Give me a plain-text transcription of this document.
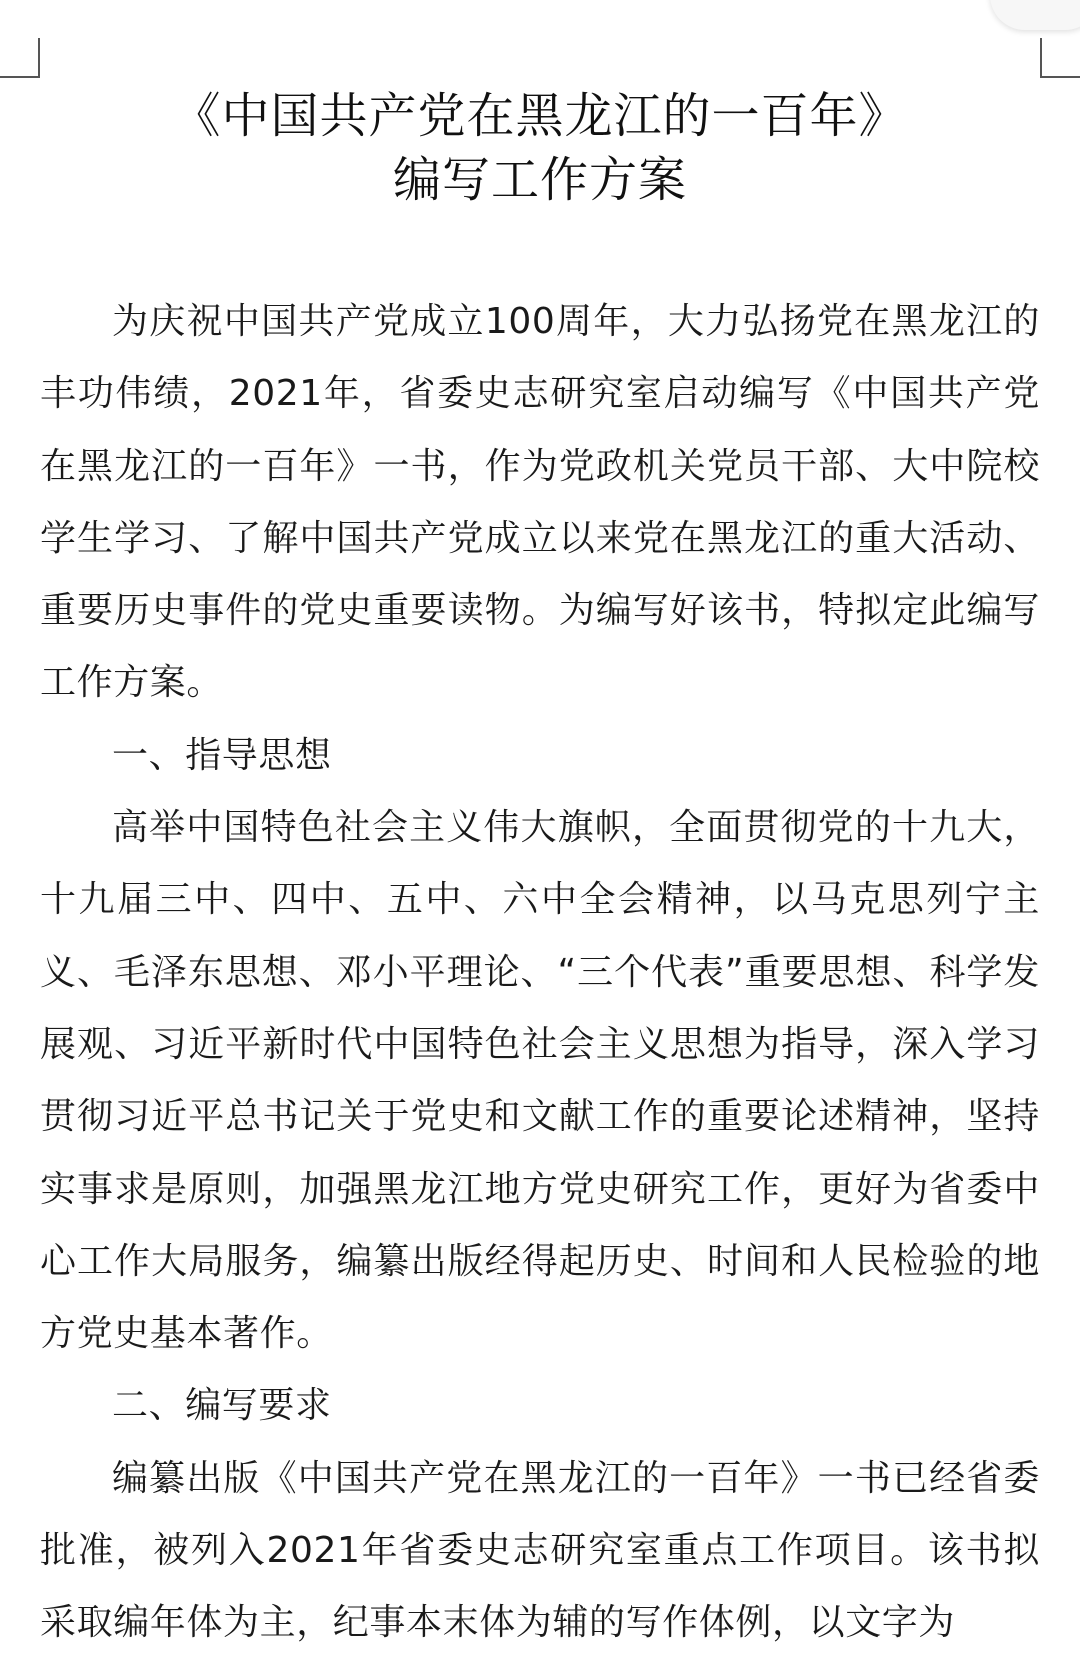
《中国共产党在黑龙江的一百年》

编写工作方案

为庆祝中国共产党成立100周年，大力弘扬党在黑龙江的丰功伟绩，2021年，省委史志研究室启动编写《中国共产党在黑龙江的一百年》一书，作为党政机关党员干部、大中院校学生学习、了解中国共产党成立以来党在黑龙江的重大活动、重要历史事件的党史重要读物。为编写好该书，特拟定此编写工作方案。

一、指导思想

高举中国特色社会主义伟大旗帜，全面贯彻党的十九大，十九届三中、四中、五中、六中全会精神，以马克思列宁主义、毛泽东思想、邓小平理论、“三个代表”重要思想、科学发展观、习近平新时代中国特色社会主义思想为指导，深入学习贯彻习近平总书记关于党史和文献工作的重要论述精神，坚持实事求是原则，加强黑龙江地方党史研究工作，更好为省委中心工作大局服务，编纂出版经得起历史、时间和人民检验的地方党史基本著作。

二、编写要求

编纂出版《中国共产党在黑龙江的一百年》一书已经省委批准，被列入2021年省委史志研究室重点工作项目。该书拟采取编年体为主，纪事本末体为辅的写作体例，以文字为
